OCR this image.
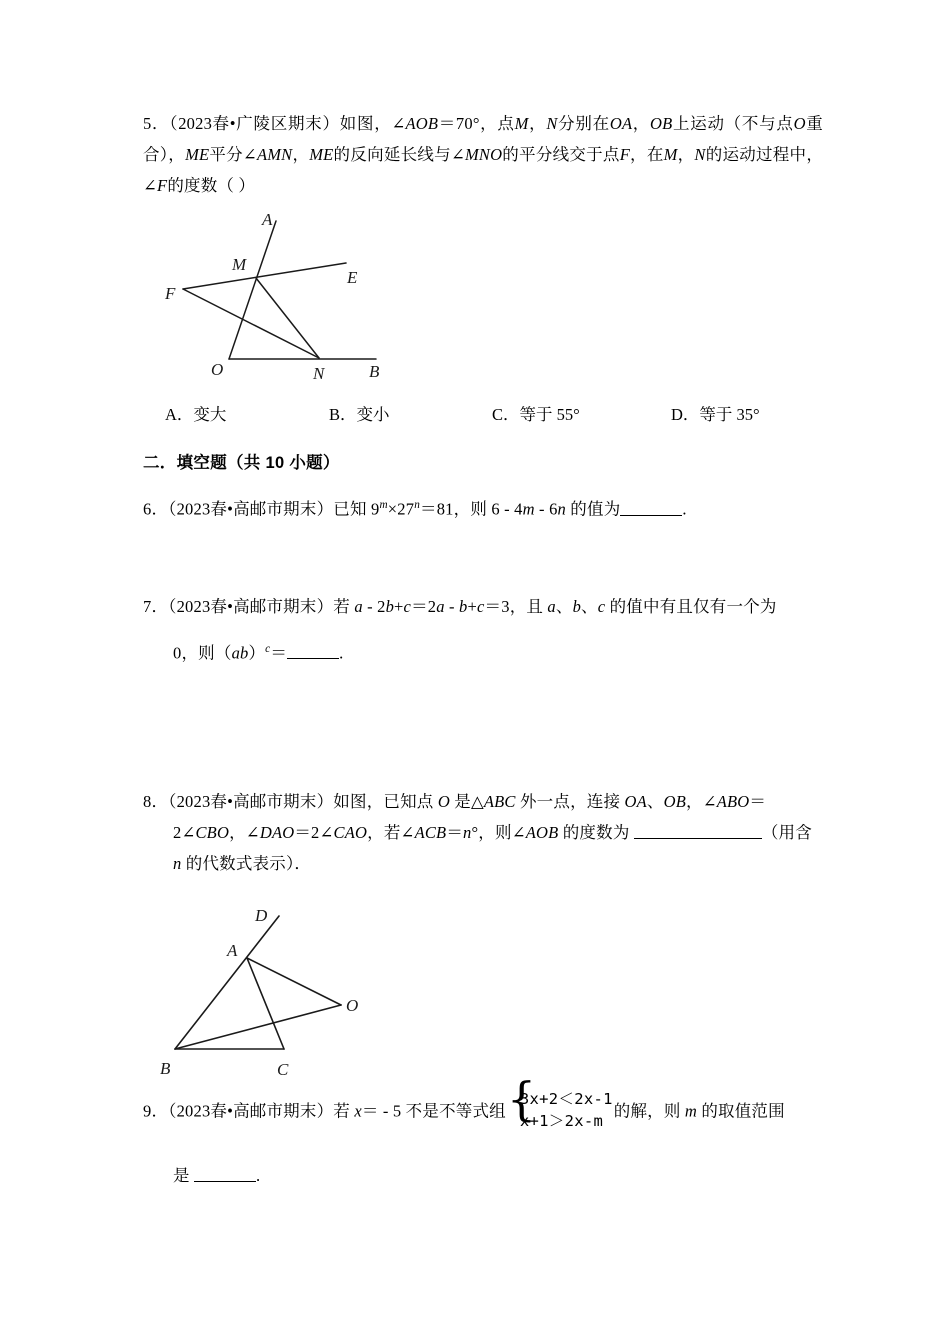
5．（2023春•广陵区期末）如图，∠AOB＝70°，点M，N分别在OA，OB上运动（不与点O重合），ME平分∠AMN，ME的反向延长线与∠MNO的平分线交于点F，在M，N的运动过程中，∠F的度数（ ）
A
M
E
F
O	N	B
A．变大	B．变小	C．等于 55°	D．等于 35°
二．填空题（共 10 小题）
6．（2023春•高邮市期末）已知 $9^m\times 27^n=81$，则 6 - 4m - 6n 的值为	.
7．（2023春•高邮市期末）若 a - 2b+c＝2a - b+c＝3，且 a、b、c 的值中有且仅有一个为
0，则（ab）$^c$＝	.
8．（2023春•高邮市期末）如图，已知点 O 是△ABC 外一点，连接 OA、OB，∠ABO＝
2∠CBO，∠DAO＝2∠CAO，若∠ACB＝n°，则∠AOB 的度数为	（用含
n 的代数式表示）．
D
A
O
B	C
9．（2023春•高邮市期末）若 x＝ - 5 不是不等式组 {
3x+2＜2x-1
x+1＞2x-m
的解，则 m 的取值范围
是	.
